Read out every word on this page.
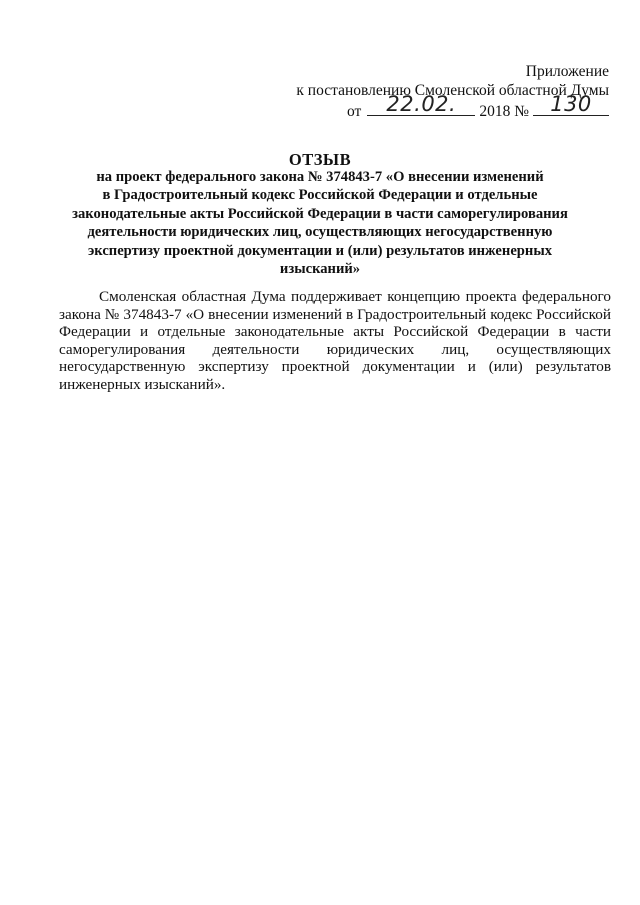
Приложение
к постановлению Смоленской областной Думы
от	22.02.	2018 №	130
ОТЗЫВ
на проект федерального закона № 374843-7 «О внесении изменений
в Градостроительный кодекс Российской Федерации и отдельные
законодательные акты Российской Федерации в части саморегулирования
деятельности юридических лиц, осуществляющих негосударственную
экспертизу проектной документации и (или) результатов инженерных
изысканий»

Смоленская областная Дума поддерживает концепцию проекта федерального закона № 374843-7 «О внесении изменений в Градостроительный кодекс Российской Федерации и отдельные законодательные акты Российской Федерации в части саморегулирования деятельности юридических лиц, осуществляющих негосударственную экспертизу проектной документации и (или) результатов инженерных изысканий».
